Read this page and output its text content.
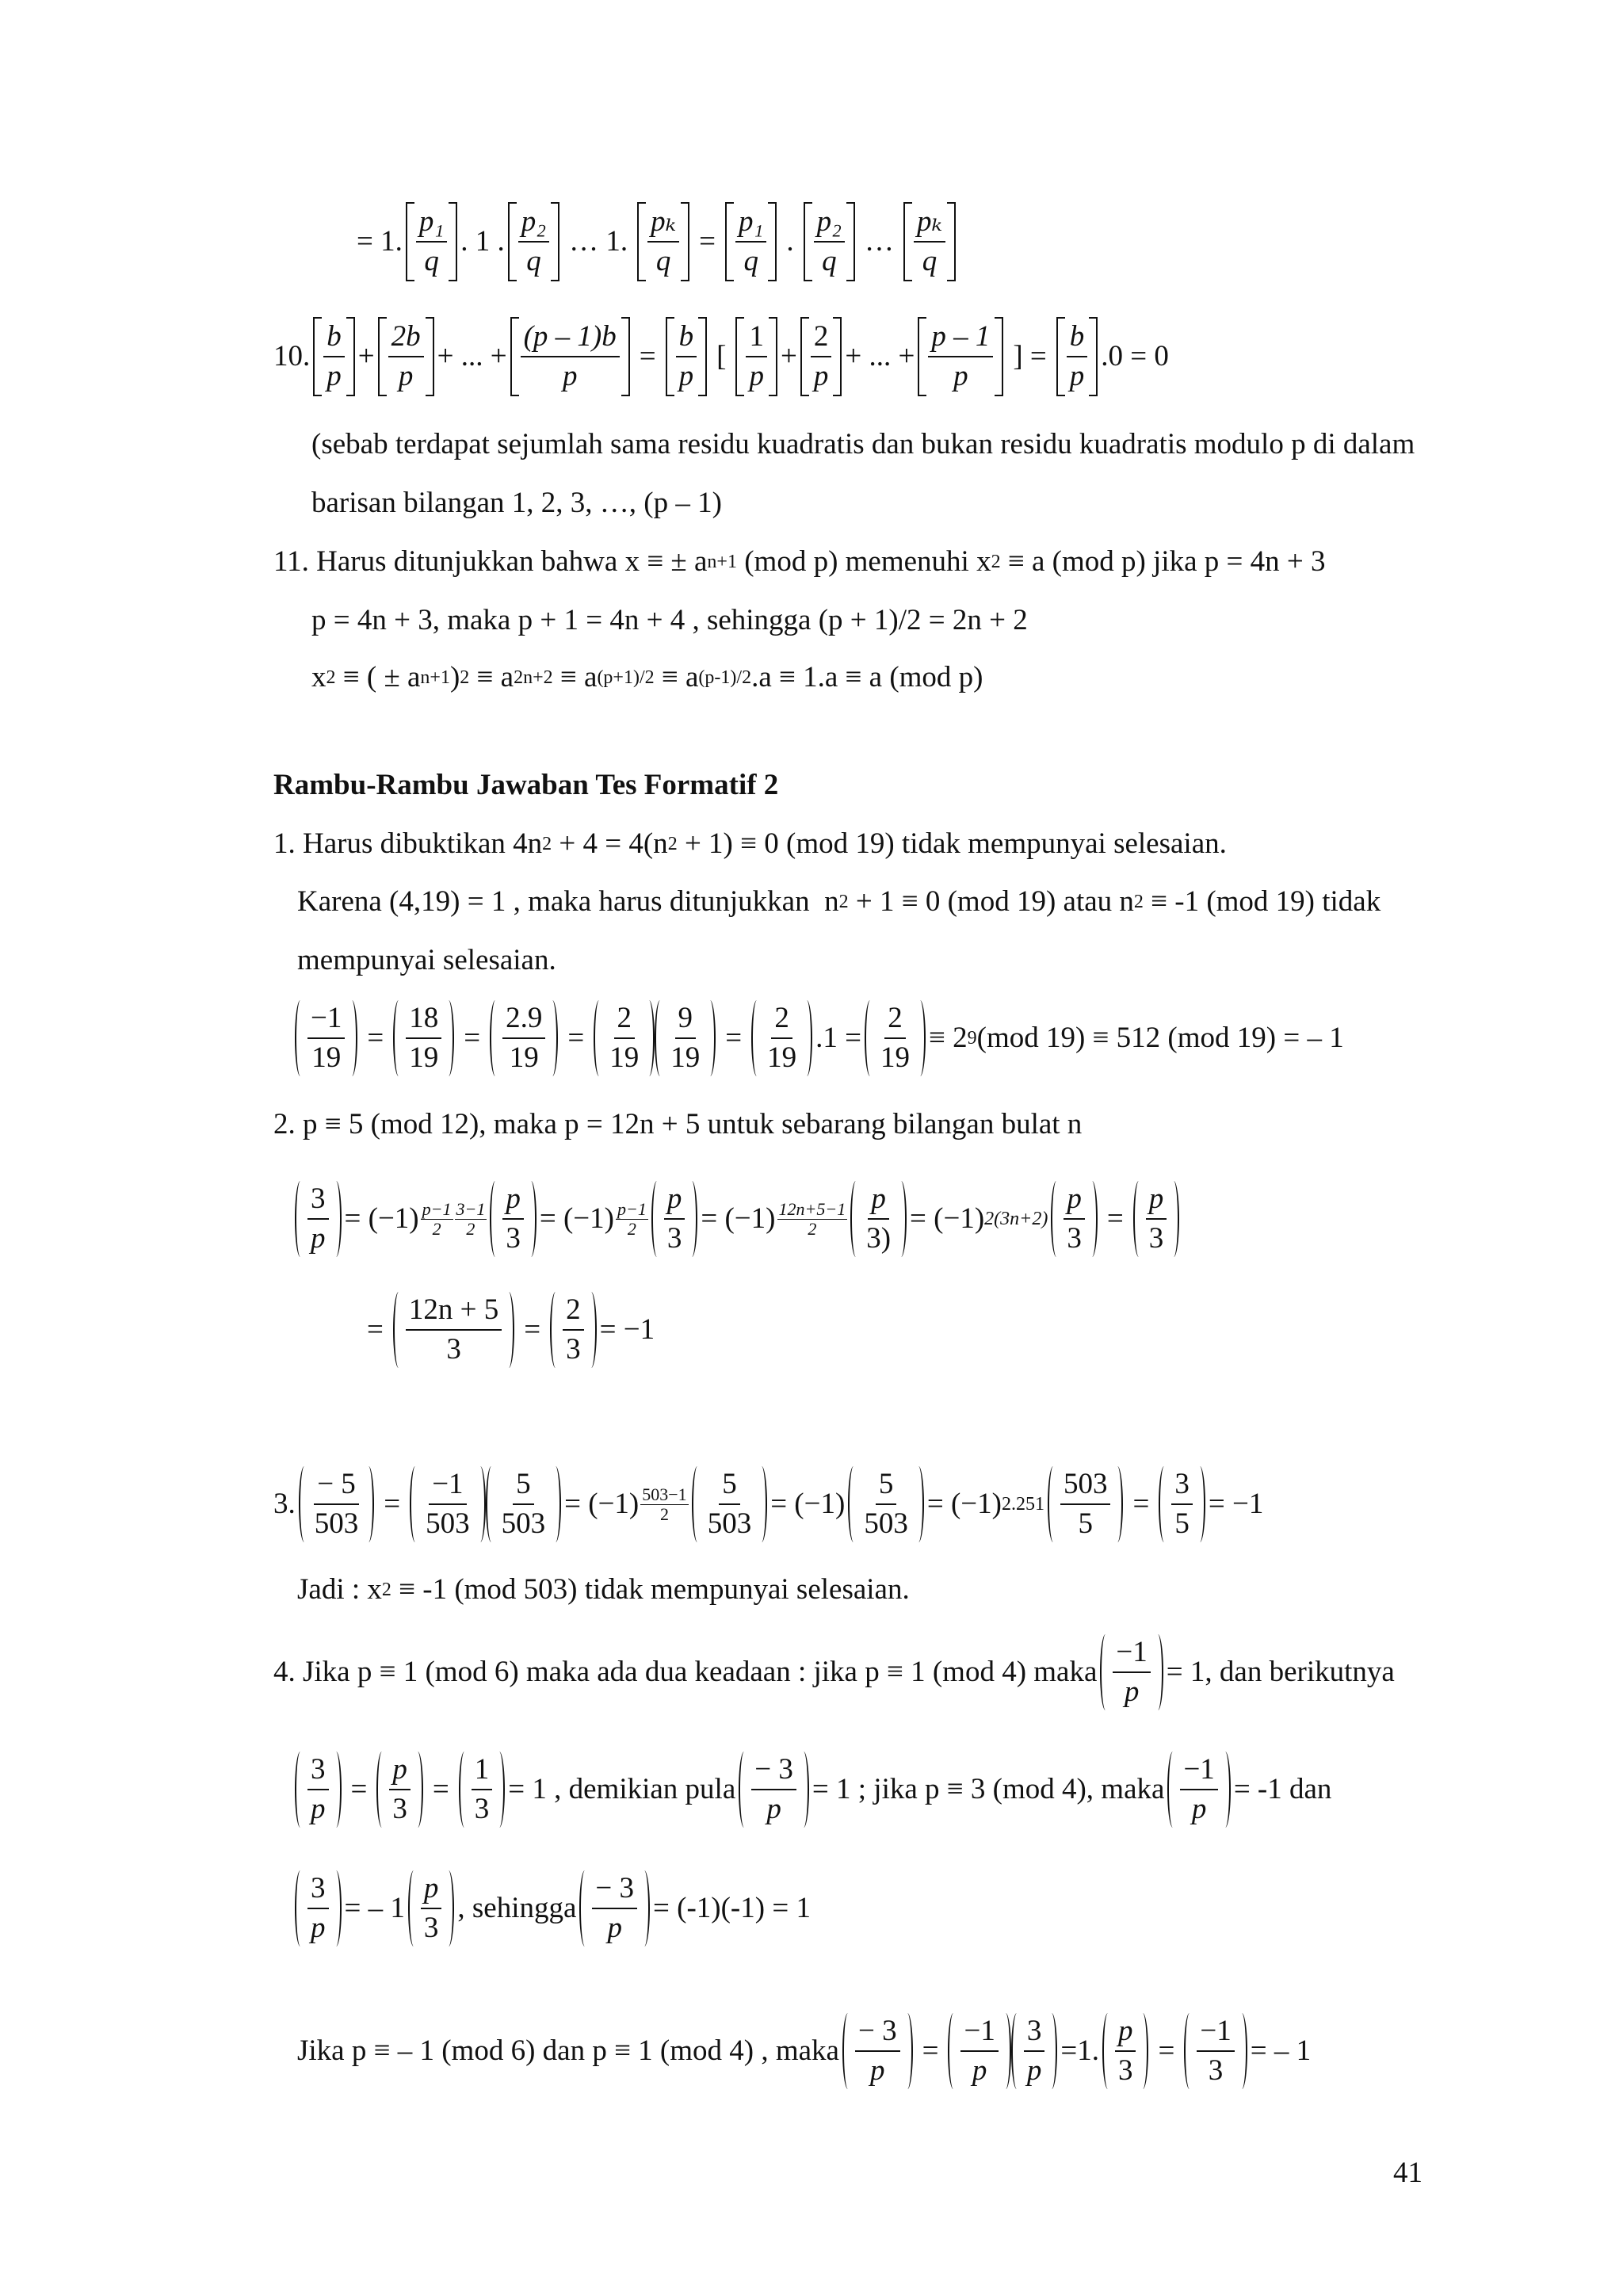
= 1. $\frac{\text{p₁}}{q}$ . 1 . $\frac{\text{p₂}}{q}$ … 1. $\frac{\text{pₖ}}{q} = \frac{\text{p₁}}{q}$ . $\frac{\text{p₂}}{q}$ … $\frac{\text{pₖ}}{q}$
10. $\frac{b}{p} + \frac{2b}{p}$ + ... + $\frac{(p - 1)b}{p} = \frac{b}{p}$ [ $\frac{1}{p} + \frac{2}{p}$ + ... + $\frac{p - 1}{p}$ ] = $\frac{b}{p} .0 = 0$
(sebab terdapat sejumlah sama residu kuadratis dan bukan residu kuadratis modulo p di dalam
barisan bilangan 1, 2, 3, …, (p – 1)
11. Harus ditunjukkan bahwa x ≡ ± a n+1 (mod p) memenuhi x 2 ≡ a (mod p) jika p = 4n + 3
p = 4n + 3, maka p + 1 = 4n + 4 , sehingga (p + 1)/2 = 2n + 2
x 2 ≡ ( ± a n+1 ) 2 ≡ a 2n+2 ≡ a (p+1)/2 ≡ a (p-1)/2 .a ≡ 1.a ≡ a (mod p)
Rambu-Rambu Jawaban Tes Formatif 2
1. Harus dibuktikan 4n 2 + 4 = 4(n 2 + 1) ≡ 0 (mod 19) tidak mempunyai selesaian.
Karena (4,19) = 1 , maka harus ditunjukkan  n 2 + 1 ≡ 0 (mod 19) atau n 2 ≡ -1 (mod 19) tidak
mempunyai selesaian.
$\frac{-1}{19} = \frac{18}{19} = \frac{2.9}{19} = \frac{2}{19} \frac{9}{19} = \frac{2}{19} .1 = \frac{2}{19} \equiv 2$ 9 (mod 19) ≡ 512 (mod 19) = – 1
2. p ≡ 5 (mod 12), maka p = 12n + 5 untuk sebarang bilangan bulat n
$\frac{3}{p} = (-1)$ p−1
2
3−1
$2 \frac{p}{3} = (-1)$ p−1
$2 \frac{p}{3} = (-1)$ 12n+5−1
$2 \frac{p}{3)} = (-1)$ $2(3n+2) \frac{p}{3} = \frac{p}{3}$
= $\frac{12n + 5}{3} = \frac{2}{3} = -1$
3. $\frac{- 5}{503} = \frac{-1}{503} \frac{5}{503} = (-1)$ 503−1
$2 \frac{5}{503} = (-1) \frac{5}{503} = (-1)$ $2.251 \frac{503}{5} = \frac{3}{5} = -1$
Jadi : x 2 ≡ -1 (mod 503) tidak mempunyai selesaian.
4. Jika p ≡ 1 (mod 6) maka ada dua keadaan : jika p ≡ 1 (mod 4) maka $\frac{-1}{p} = 1$, dan berikutnya
$\frac{3}{p} = \frac{p}{3} = \frac{1}{3} = 1$ , demikian pula $\frac{- 3}{p} = 1$ ; jika p ≡ 3 (mod 4), maka $\frac{-1}{p} = -1$ dan
$\frac{3}{p}$ = – $1 \frac{p}{3}$ , sehingga $\frac{- 3}{p} = (-1)(-1) = 1$
Jika p ≡ – 1 (mod 6) dan p ≡ 1 (mod 4) , maka $\frac{- 3}{p} = \frac{-1}{p} \frac{3}{p} =1$. $\frac{p}{3} = \frac{-1}{3}$ = – 1
41
